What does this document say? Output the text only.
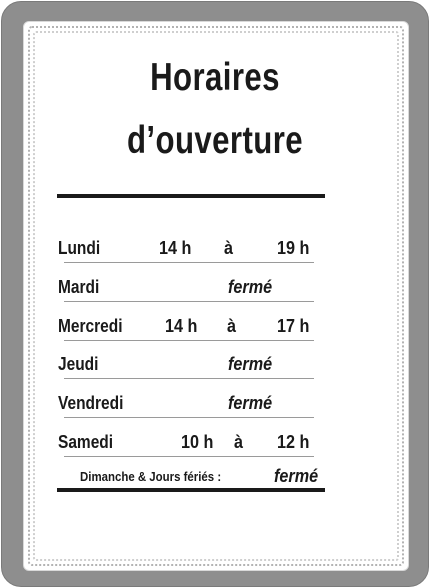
Horaires
d’ouverture
Lundi	14 h à 19 h
Mardi	fermé
Mercredi 14 h à 17 h
Jeudi	fermé
Vendredi	fermé
Samedi	10 h à 12 h
Dimanche & Jours fériés :	fermé
